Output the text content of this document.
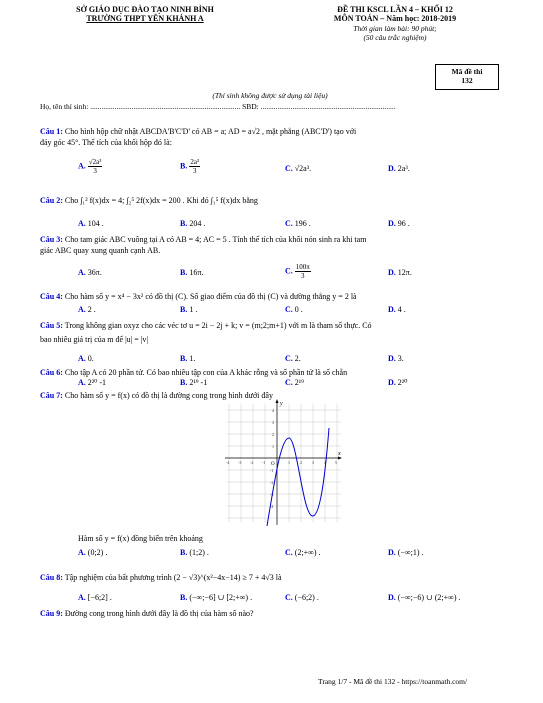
SỞ GIÁO DỤC ĐÀO TẠO NINH BÌNH
TRƯỜNG THPT YÊN KHÁNH A
ĐỀ THI KSCL LẦN 4 – KHỐI 12
MÔN TOÁN – Năm học: 2018-2019
Thời gian làm bài: 90 phút;
(50 câu trắc nghiệm)
Mã đề thi
132
(Thí sinh không được sử dụng tài liệu)
Họ, tên thí sinh: ................................................................................ SBD: ........................................................................
Câu 1: Cho hình hộp chữ nhật ABCDA'B'C'D' có AB = a; AD = a√2 , mặt phẳng (ABC'D') tạo với
đáy góc 45°. Thể tích của khối hộp đó là:
A. $\frac{\text{√2a³}}{3}$	B. $\frac{\text{2a³}}{3}$	C. √2a³.	D. 2a³.
Câu 2: Cho ∫₁² f(x)dx = 4; ∫₂⁵ 2f(x)dx = 200 . Khi đó ∫₁⁵ f(x)dx bằng
A. 104 .	B. 204 .	C. 196 .	D. 96 .
Câu 3: Cho tam giác ABC vuông tại A có AB = 4; AC = 5 . Tính thể tích của khối nón sinh ra khi tam
giác ABC quay xung quanh cạnh AB.
A. 36π.	B. 16π.	C. $\frac{100\pi}{3}$	D. 12π.
Câu 4: Cho hàm số y = x⁴ − 3x² có đồ thị (C). Số giao điểm của đồ thị (C) và đường thẳng y = 2 là
A. 2 .	B. 1 .	C. 0 .	D. 4 .
Câu 5: Trong không gian oxyz cho các véc tơ u = 2i − 2j + k; v = (m;2;m+1) với m là tham số thực. Có
bao nhiêu giá trị của m để |u| = |v|
A. 0.	B. 1.	C. 2.	D. 3.
Câu 6: Cho tập A có 20 phần tử. Có bao nhiêu tập con của A khác rỗng và số phần tử là số chẵn
A. 2²⁰ -1	B. 2¹⁹ -1	C. 2¹⁹	D. 2²⁰
Câu 7: Cho hàm số y = f(x) có đồ thị là đường cong trong hình dưới đây
x
y
O
-4 -3 -2 -1	1	2	3	4 5
4
3
2
1
-1
-2
-3
-4
Hàm số y = f(x) đồng biến trên khoảng
A. (0;2) .	B. (1;2) .	C. (2;+∞) .	D. (−∞;1) .
Câu 8: Tập nghiệm của bất phương trình (2 − √3)^(x²−4x−14) ≥ 7 + 4√3 là
A. [−6;2] .	B. (−∞;−6] ∪ [2;+∞) .	C. (−6;2) .	D. (−∞;−6) ∪ (2;+∞) .
Câu 9: Đường cong trong hình dưới đây là đồ thị của hàm số nào?
Trang 1/7 - Mã đề thi 132 - https://toanmath.com/
